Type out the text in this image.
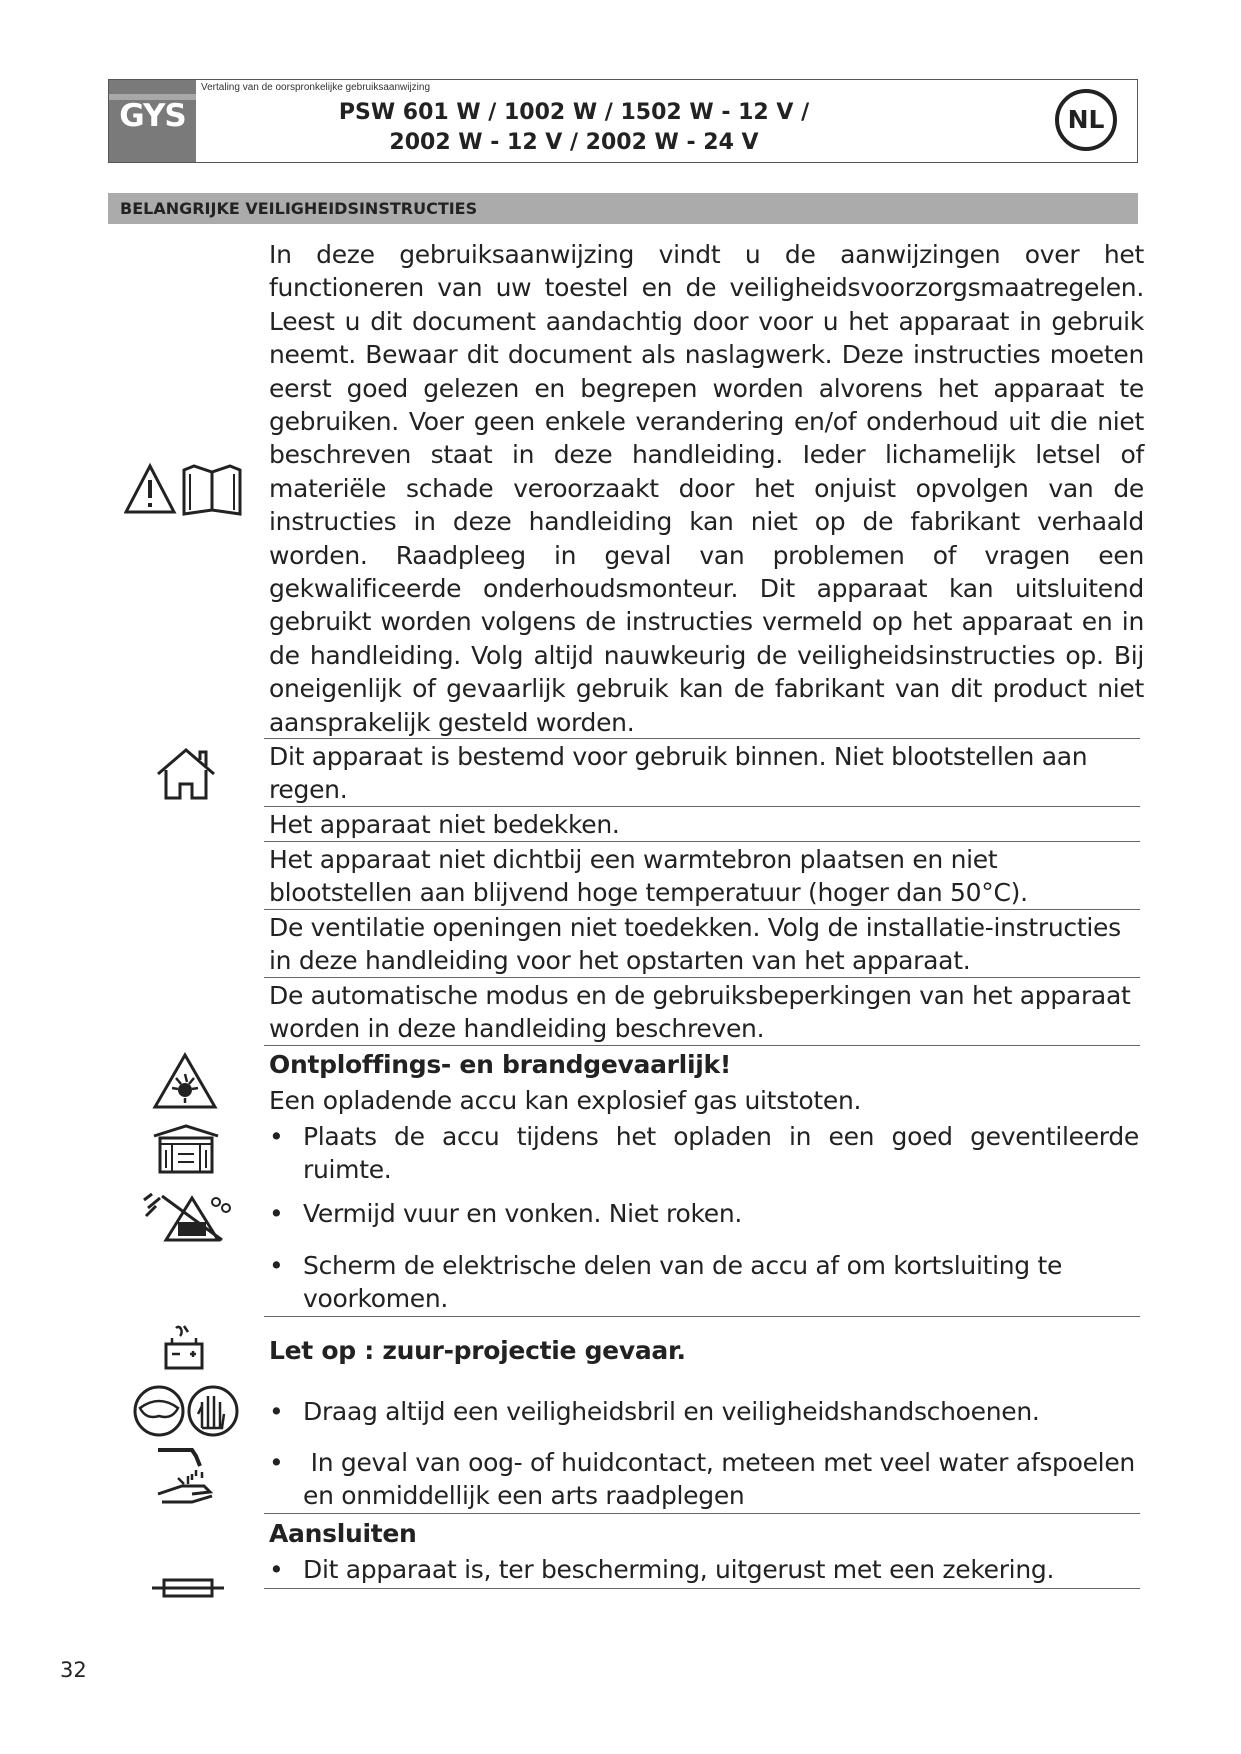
GYS
Vertaling van de oorspronkelijke gebruiksaanwijzing
PSW 601 W / 1002 W / 1502 W - 12 V /
2002 W - 12 V / 2002 W - 24 V
NL
BELANGRIJKE VEILIGHEIDSINSTRUCTIES
In deze gebruiksaanwijzing vindt u de aanwijzingen over het functioneren van uw toestel en de veiligheidsvoorzorgsmaatregelen. Leest u dit document aandachtig door voor u het apparaat in gebruik neemt. Bewaar dit document als naslagwerk. Deze instructies moeten eerst goed gelezen en begrepen worden alvorens het apparaat te gebruiken. Voer geen enkele verandering en/of onderhoud uit die niet beschreven staat in deze handleiding. Ieder lichamelijk letsel of materiële schade veroorzaakt door het onjuist opvolgen van de instructies in deze handleiding kan niet op de fabrikant verhaald worden. Raadpleeg in geval van problemen of vragen een gekwalificeerde onderhoudsmonteur. Dit apparaat kan uitsluitend gebruikt worden volgens de instructies vermeld op het apparaat en in de handleiding. Volg altijd nauwkeurig de veiligheidsinstructies op. Bij oneigenlijk of gevaarlijk gebruik kan de fabrikant van dit product niet aansprakelijk gesteld worden.
Dit apparaat is bestemd voor gebruik binnen. Niet blootstellen aan regen.
Het apparaat niet bedekken.
Het apparaat niet dichtbij een warmtebron plaatsen en niet blootstellen aan blijvend hoge temperatuur (hoger dan 50°C).
De ventilatie openingen niet toedekken. Volg de installatie-instructies in deze handleiding voor het opstarten van het apparaat.
De automatische modus en de gebruiksbeperkingen van het apparaat worden in deze handleiding beschreven.
Ontploffings- en brandgevaarlijk!
Een opladende accu kan explosief gas uitstoten.
• Plaats de accu tijdens het opladen in een goed geventileerde ruimte.
• Vermijd vuur en vonken. Niet roken.
• Scherm de elektrische delen van de accu af om kortsluiting te voorkomen.
Let op : zuur-projectie gevaar.
• Draag altijd een veiligheidsbril en veiligheidshandschoenen.
• In geval van oog- of huidcontact, meteen met veel water afspoelen en onmiddellijk een arts raadplegen
Aansluiten
• Dit apparaat is, ter bescherming, uitgerust met een zekering.
32
